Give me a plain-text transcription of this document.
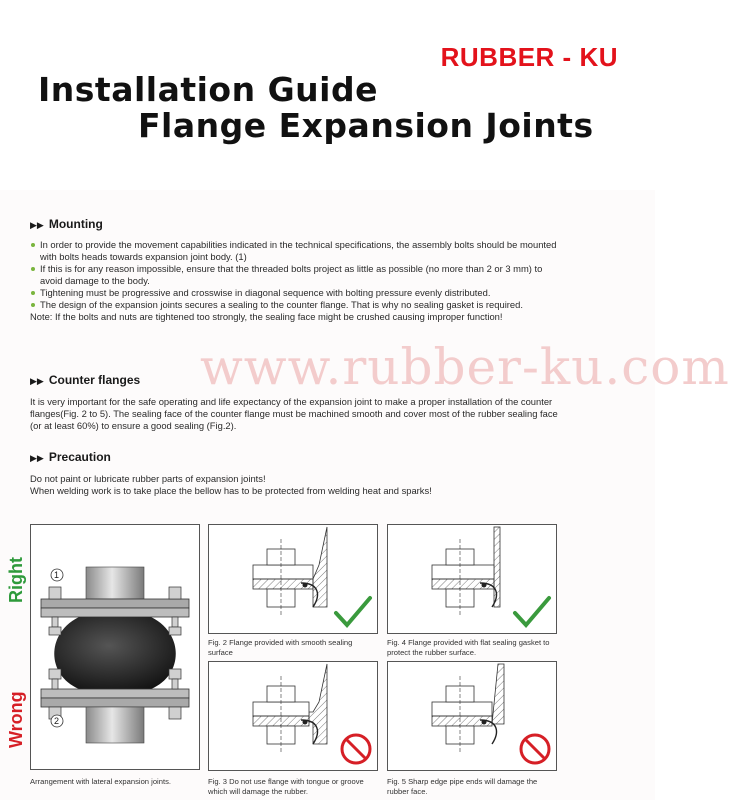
RUBBER - KU
Installation Guide
Flange Expansion Joints
www.rubber-ku.com
▶▶ Mounting
In order to provide the movement capabilities indicated in the technical specifications, the assembly bolts should be mounted with bolts heads towards expansion joint body. (1)
If this is for any reason impossible, ensure that the threaded bolts project as little as possible (no more than 2 or 3 mm) to avoid damage to the body.
Tightening must be progressive and crosswise in diagonal sequence with bolting pressure evenly distributed.
The design of the expansion joints secures a sealing to the counter flange. That is why no sealing gasket is required.
Note: If the bolts and nuts are tightened too strongly, the sealing face might be crushed causing improper function!
▶▶ Counter flanges
It is very important for the safe operating and life expectancy of the expansion joint to make a proper installation of the counter flanges(Fig. 2 to 5). The sealing face of the counter flange must be machined smooth and cover most of the rubber sealing face (or at least 60%) to ensure a good sealing (Fig.2).
▶▶ Precaution
Do not paint or lubricate rubber parts of expansion joints!
When welding work is to take place the bellow has to be protected from welding heat and sparks!
Right
Wrong
1
2
Arrangement with lateral expansion joints.
Fig. 2 Flange provided with smooth sealing surface
Fig. 3 Do not use flange with tongue or groove which will damage the rubber.
Fig. 4 Flange provided with flat sealing gasket to protect the rubber surface.
Fig. 5 Sharp edge pipe ends will damage the rubber face.
